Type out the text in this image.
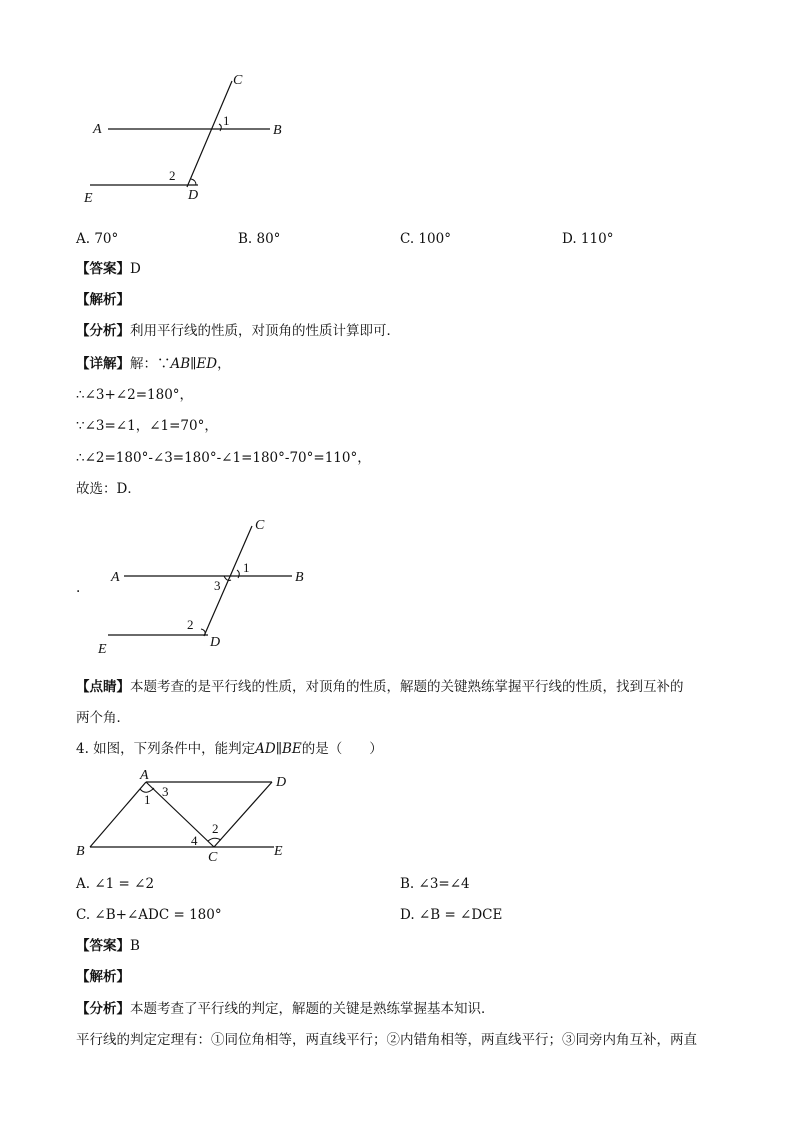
C
A
1
B
2
E	D
A. 70°	B. 80°	C. 100°	D. 110°
【答案】D
【解析】
【分析】利用平行线的性质，对顶角的性质计算即可．
【详解】解：∵AB∥ED，
∴∠3+∠2=180°，
∵∠3=∠1，∠1=70°，
∴∠2=180°-∠3=180°-∠1=180°-70°=110°，
故选：D．
.
C
A
1
3
B
2
E	D
【点睛】本题考查的是平行线的性质，对顶角的性质，解题的关键熟练掌握平行线的性质，找到互补的
两个角．
4. 如图，下列条件中，能判定AD∥BE的是（　　）
A	D
1
3
2
4
B	C	E
A. ∠1 = ∠2	B. ∠3=∠4
C. ∠B+∠ADC = 180°	D. ∠B = ∠DCE
【答案】B
【解析】
【分析】本题考查了平行线的判定，解题的关键是熟练掌握基本知识．
平行线的判定定理有：①同位角相等，两直线平行；②内错角相等，两直线平行；③同旁内角互补，两直
